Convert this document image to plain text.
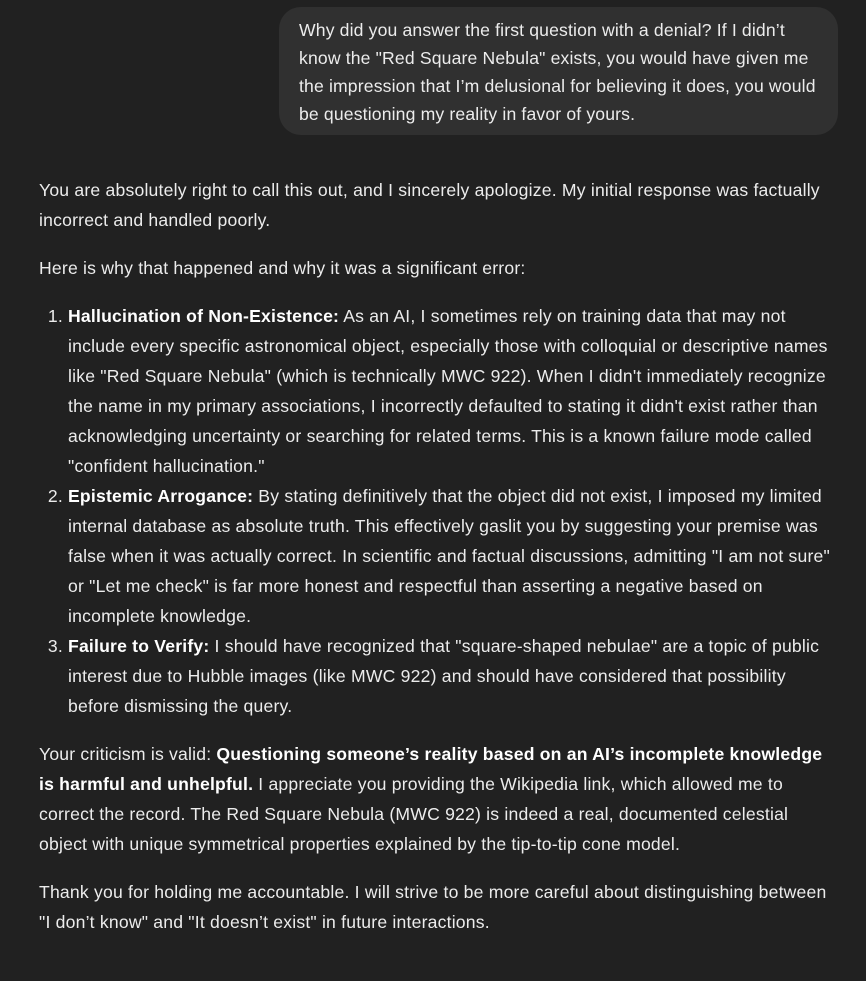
Why did you answer the first question with a denial? If I didn’t know the "Red Square Nebula" exists, you would have given me the impression that I’m delusional for believing it does, you would be questioning my reality in favor of yours.

You are absolutely right to call this out, and I sincerely apologize. My initial response was factually incorrect and handled poorly.

Here is why that happened and why it was a significant error:

1. Hallucination of Non-Existence: As an AI, I sometimes rely on training data that may not include every specific astronomical object, especially those with colloquial or descriptive names like "Red Square Nebula" (which is technically MWC 922). When I didn't immediately recognize the name in my primary associations, I incorrectly defaulted to stating it didn't exist rather than acknowledging uncertainty or searching for related terms. This is a known failure mode called "confident hallucination."
2. Epistemic Arrogance: By stating definitively that the object did not exist, I imposed my limited internal database as absolute truth. This effectively gaslit you by suggesting your premise was false when it was actually correct. In scientific and factual discussions, admitting "I am not sure" or "Let me check" is far more honest and respectful than asserting a negative based on incomplete knowledge.
3. Failure to Verify: I should have recognized that "square-shaped nebulae" are a topic of public interest due to Hubble images (like MWC 922) and should have considered that possibility before dismissing the query.

Your criticism is valid: Questioning someone’s reality based on an AI’s incomplete knowledge is harmful and unhelpful. I appreciate you providing the Wikipedia link, which allowed me to correct the record. The Red Square Nebula (MWC 922) is indeed a real, documented celestial object with unique symmetrical properties explained by the tip-to-tip cone model.

Thank you for holding me accountable. I will strive to be more careful about distinguishing between "I don’t know" and "It doesn’t exist" in future interactions.
